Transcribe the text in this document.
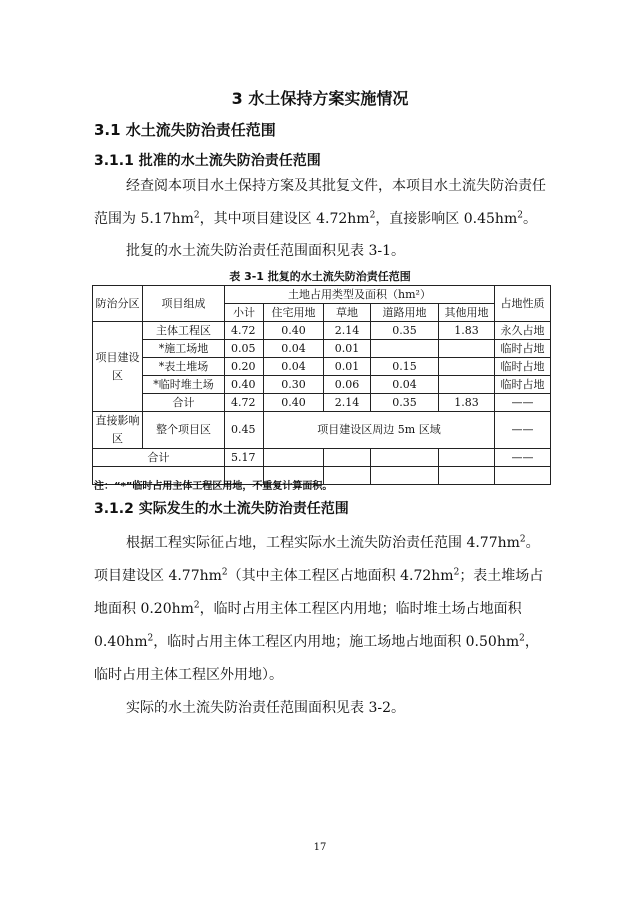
3 水土保持方案实施情况
3.1 水土流失防治责任范围
3.1.1 批准的水土流失防治责任范围
经查阅本项目水土保持方案及其批复文件，本项目水土流失防治责任范围为 $5.17hm^2$，其中项目建设区 $4.72hm^2$，直接影响区 $0.45hm^2$。
批复的水土流失防治责任范围面积见表 3-1。
表 3-1 批复的水土流失防治责任范围
防治分区	项目组成	土地占用类型及面积（hm²）					占地性质
		小计	住宅用地	草地	道路用地	其他用地	
项目建设区	主体工程区	4.72	0.40	2.14	0.35	1.83	永久占地
	*施工场地	0.05	0.04	0.01			临时占地
	*表土堆场	0.20	0.04	0.01	0.15		临时占地
	*临时堆土场	0.40	0.30	0.06	0.04		临时占地
	合计	4.72	0.40	2.14	0.35	1.83	——
直接影响区	整个项目区	0.45	项目建设区周边 5m 区域				——
合计		5.17					——

注：“*”临时占用主体工程区用地，不重复计算面积。
3.1.2 实际发生的水土流失防治责任范围
根据工程实际征占地，工程实际水土流失防治责任范围 $4.77hm^2$。项目建设区 $4.77hm^2$（其中主体工程区占地面积 $4.72hm^2$；表土堆场占地面积 $0.20hm^2$，临时占用主体工程区内用地；临时堆土场占地面积 $0.40hm^2$，临时占用主体工程区内用地；施工场地占地面积 $0.50hm^2$，临时占用主体工程区外用地）。
实际的水土流失防治责任范围面积见表 3-2。
17
